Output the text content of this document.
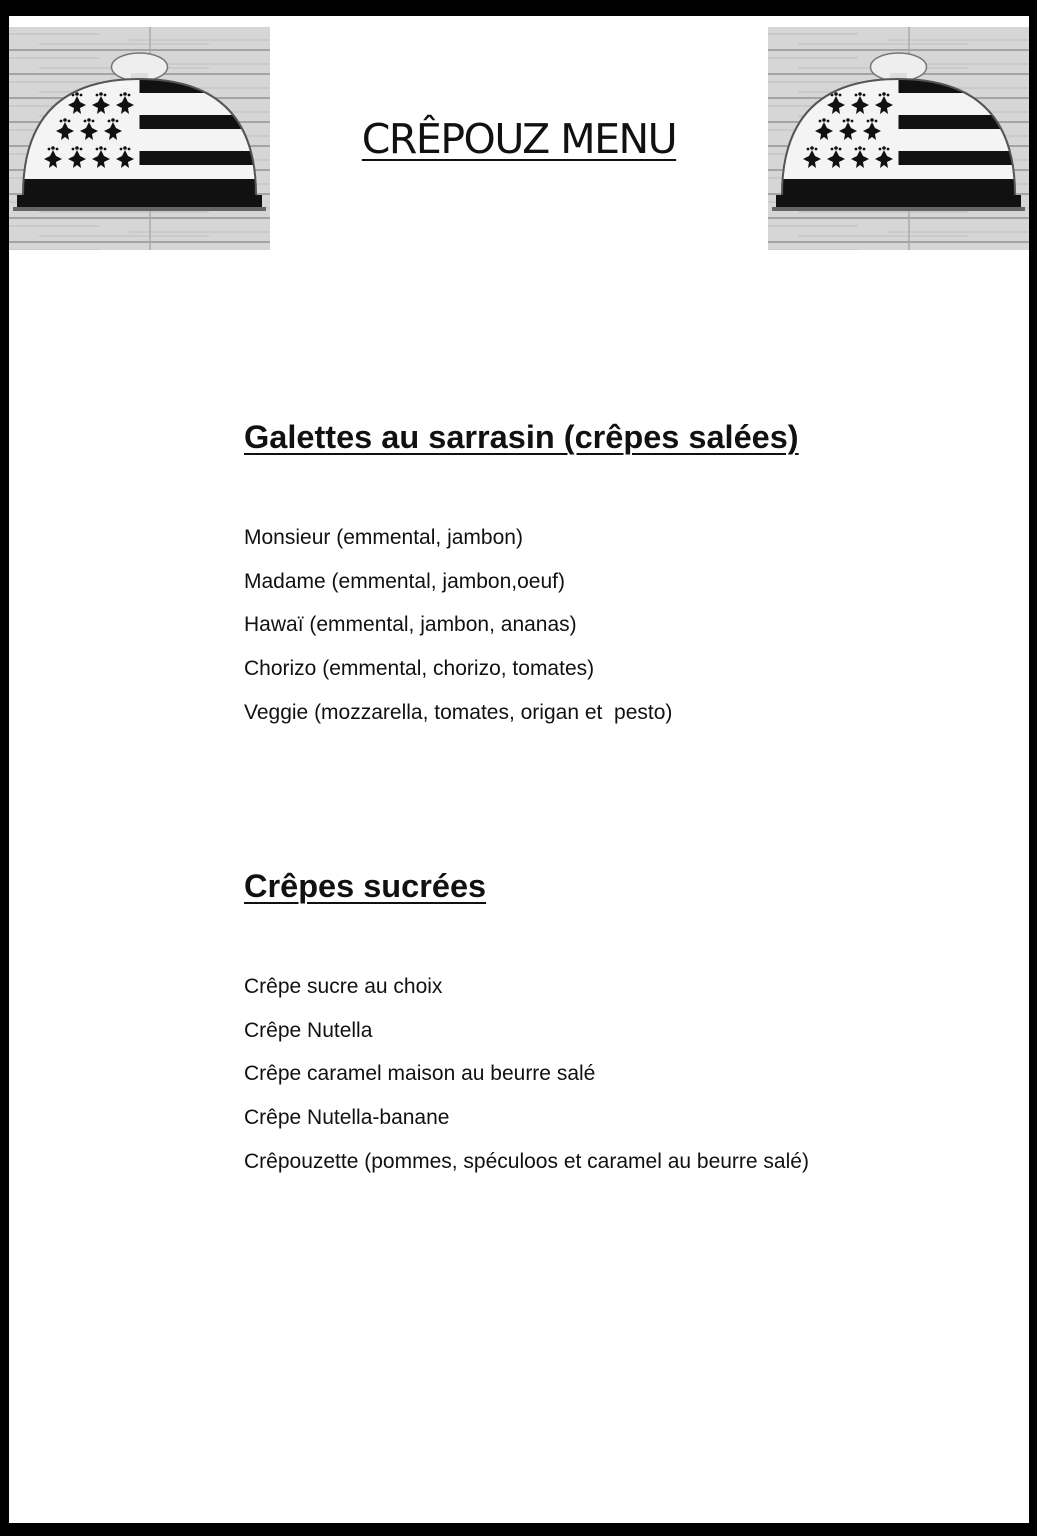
CRÊPOUZ MENU
Galettes au sarrasin (crêpes salées)
Monsieur (emmental, jambon)
Madame (emmental, jambon,oeuf)
Hawaï (emmental, jambon, ananas)
Chorizo (emmental, chorizo, tomates)
Veggie (mozzarella, tomates, origan et  pesto)
Crêpes sucrées
Crêpe sucre au choix
Crêpe Nutella
Crêpe caramel maison au beurre salé
Crêpe Nutella-banane
Crêpouzette (pommes, spéculoos et caramel au beurre salé)
